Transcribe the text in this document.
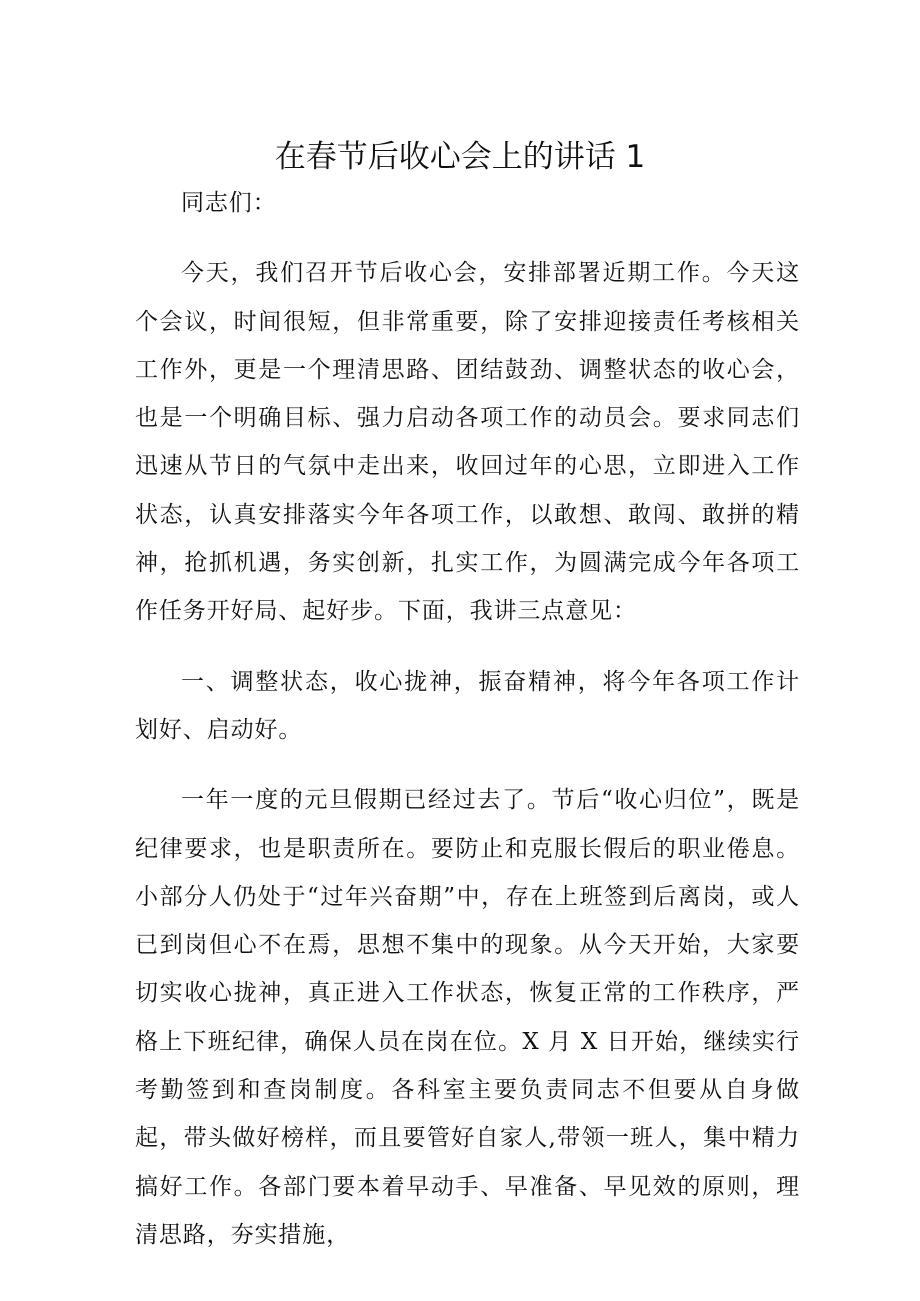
在春节后收心会上的讲话 1

同志们：

今天，我们召开节后收心会，安排部署近期工作。今天这个会议，时间很短，但非常重要，除了安排迎接责任考核相关工作外，更是一个理清思路、团结鼓劲、调整状态的收心会，也是一个明确目标、强力启动各项工作的动员会。要求同志们迅速从节日的气氛中走出来，收回过年的心思，立即进入工作状态，认真安排落实今年各项工作，以敢想、敢闯、敢拼的精神，抢抓机遇，务实创新，扎实工作，为圆满完成今年各项工作任务开好局、起好步。下面，我讲三点意见：

一、调整状态，收心拢神，振奋精神，将今年各项工作计划好、启动好。

一年一度的元旦假期已经过去了。节后“收心归位”，既是纪律要求，也是职责所在。要防止和克服长假后的职业倦息。小部分人仍处于“过年兴奋期”中，存在上班签到后离岗，或人已到岗但心不在焉，思想不集中的现象。从今天开始，大家要切实收心拢神，真正进入工作状态，恢复正常的工作秩序，严格上下班纪律，确保人员在岗在位。X 月 X 日开始，继续实行考勤签到和查岗制度。各科室主要负责同志不但要从自身做起，带头做好榜样，而且要管好自家人,带领一班人，集中精力搞好工作。各部门要本着早动手、早准备、早见效的原则，理清思路，夯实措施，
